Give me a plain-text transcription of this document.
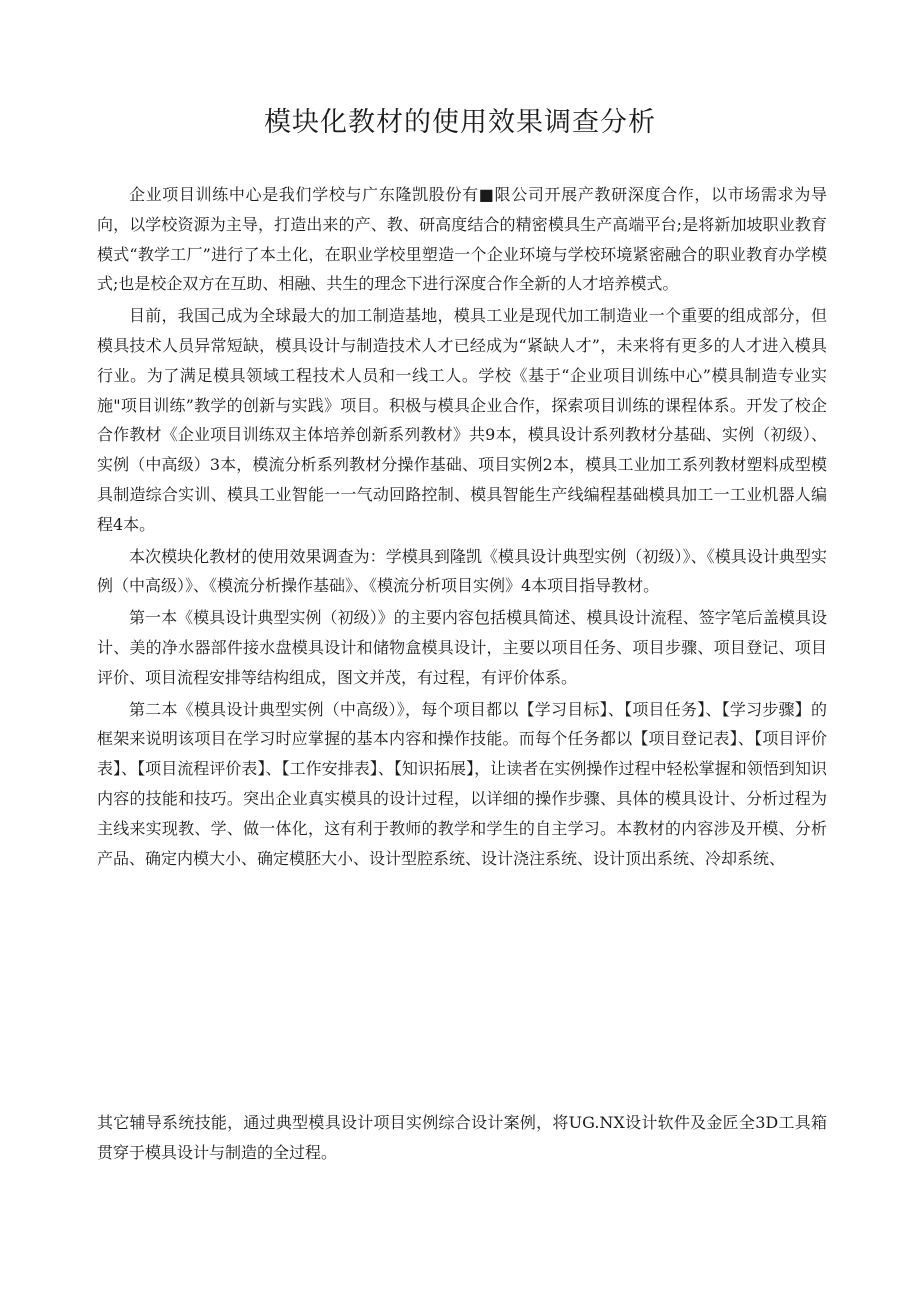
模块化教材的使用效果调查分析

企业项目训练中心是我们学校与广东隆凯股份有■限公司开展产教研深度合作，以市场需求为导向，以学校资源为主导，打造出来的产、教、研高度结合的精密模具生产高端平台;是将新加坡职业教育模式“教学工厂”进行了本土化，在职业学校里塑造一个企业环境与学校环境紧密融合的职业教育办学模式;也是校企双方在互助、相融、共生的理念下进行深度合作全新的人才培养模式。

目前，我国己成为全球最大的加工制造基地，模具工业是现代加工制造业一个重要的组成部分，但模具技术人员异常短缺，模具设计与制造技术人才已经成为“紧缺人才”，未来将有更多的人才进入模具行业。为了满足模具领域工程技术人员和一线工人。学校《基于“企业项目训练中心”模具制造专业实施"项目训练”教学的创新与实践》项目。积极与模具企业合作，探索项目训练的课程体系。开发了校企合作教材《企业项目训练双主体培养创新系列教材》共9本，模具设计系列教材分基础、实例（初级）、实例（中高级）3本，模流分析系列教材分操作基础、项目实例2本，模具工业加工系列教材塑料成型模具制造综合实训、模具工业智能一一气动回路控制、模具智能生产线编程基础模具加工一工业机器人编程4本。

本次模块化教材的使用效果调查为：学模具到隆凯《模具设计典型实例（初级）》、《模具设计典型实例（中高级）》、《模流分析操作基础》、《模流分析项目实例》4本项目指导教材。

第一本《模具设计典型实例（初级）》的主要内容包括模具简述、模具设计流程、签字笔后盖模具设计、美的净水器部件接水盘模具设计和储物盒模具设计，主要以项目任务、项目步骤、项目登记、项目评价、项目流程安排等结构组成，图文并茂，有过程，有评价体系。

第二本《模具设计典型实例（中高级）》，每个项目都以【学习目标】、【项目任务】、【学习步骤】的框架来说明该项目在学习时应掌握的基本内容和操作技能。而每个任务都以【项目登记表】、【项目评价表】、【项目流程评价表】、【工作安排表】、【知识拓展】，让读者在实例操作过程中轻松掌握和领悟到知识内容的技能和技巧。突出企业真实模具的设计过程，以详细的操作步骤、具体的模具设计、分析过程为主线来实现教、学、做一体化，这有利于教师的教学和学生的自主学习。本教材的内容涉及开模、分析产品、确定内模大小、确定模胚大小、设计型腔系统、设计浇注系统、设计顶出系统、冷却系统、

其它辅导系统技能，通过典型模具设计项目实例综合设计案例，将UG.NX设计软件及金匠全3D工具箱贯穿于模具设计与制造的全过程。
